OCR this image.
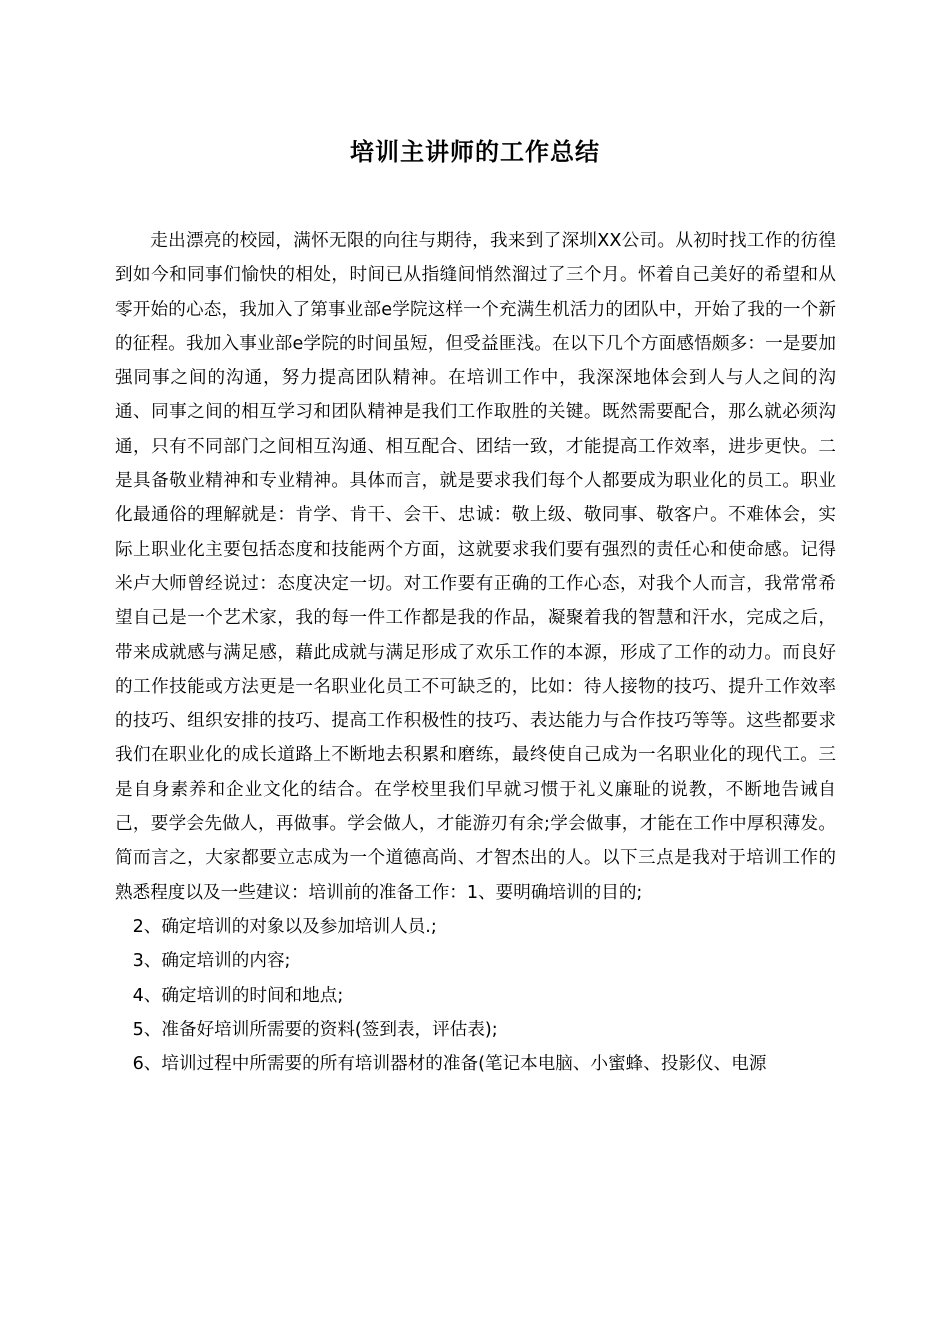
培训主讲师的工作总结

走出漂亮的校园，满怀无限的向往与期待，我来到了深圳XX公司。从初时找工作的彷徨到如今和同事们愉快的相处，时间已从指缝间悄然溜过了三个月。怀着自己美好的希望和从零开始的心态，我加入了第事业部e学院这样一个充满生机活力的团队中，开始了我的一个新的征程。我加入事业部e学院的时间虽短，但受益匪浅。在以下几个方面感悟颇多：一是要加强同事之间的沟通，努力提高团队精神。在培训工作中，我深深地体会到人与人之间的沟通、同事之间的相互学习和团队精神是我们工作取胜的关键。既然需要配合，那么就必须沟通，只有不同部门之间相互沟通、相互配合、团结一致，才能提高工作效率，进步更快。二是具备敬业精神和专业精神。具体而言，就是要求我们每个人都要成为职业化的员工。职业化最通俗的理解就是：肯学、肯干、会干、忠诚：敬上级、敬同事、敬客户。不难体会，实际上职业化主要包括态度和技能两个方面，这就要求我们要有强烈的责任心和使命感。记得米卢大师曾经说过：态度决定一切。对工作要有正确的工作心态，对我个人而言，我常常希望自己是一个艺术家，我的每一件工作都是我的作品，凝聚着我的智慧和汗水，完成之后，带来成就感与满足感，藉此成就与满足形成了欢乐工作的本源，形成了工作的动力。而良好的工作技能或方法更是一名职业化员工不可缺乏的，比如：待人接物的技巧、提升工作效率的技巧、组织安排的技巧、提高工作积极性的技巧、表达能力与合作技巧等等。这些都要求我们在职业化的成长道路上不断地去积累和磨练，最终使自己成为一名职业化的现代工。三是自身素养和企业文化的结合。在学校里我们早就习惯于礼义廉耻的说教，不断地告诫自己，要学会先做人，再做事。学会做人，才能游刃有余;学会做事，才能在工作中厚积薄发。简而言之，大家都要立志成为一个道德高尚、才智杰出的人。以下三点是我对于培训工作的熟悉程度以及一些建议：培训前的准备工作：1、要明确培训的目的;

2、确定培训的对象以及参加培训人员.;

3、确定培训的内容;

4、确定培训的时间和地点;

5、准备好培训所需要的资料(签到表，评估表);

6、培训过程中所需要的所有培训器材的准备(笔记本电脑、小蜜蜂、投影仪、电源
